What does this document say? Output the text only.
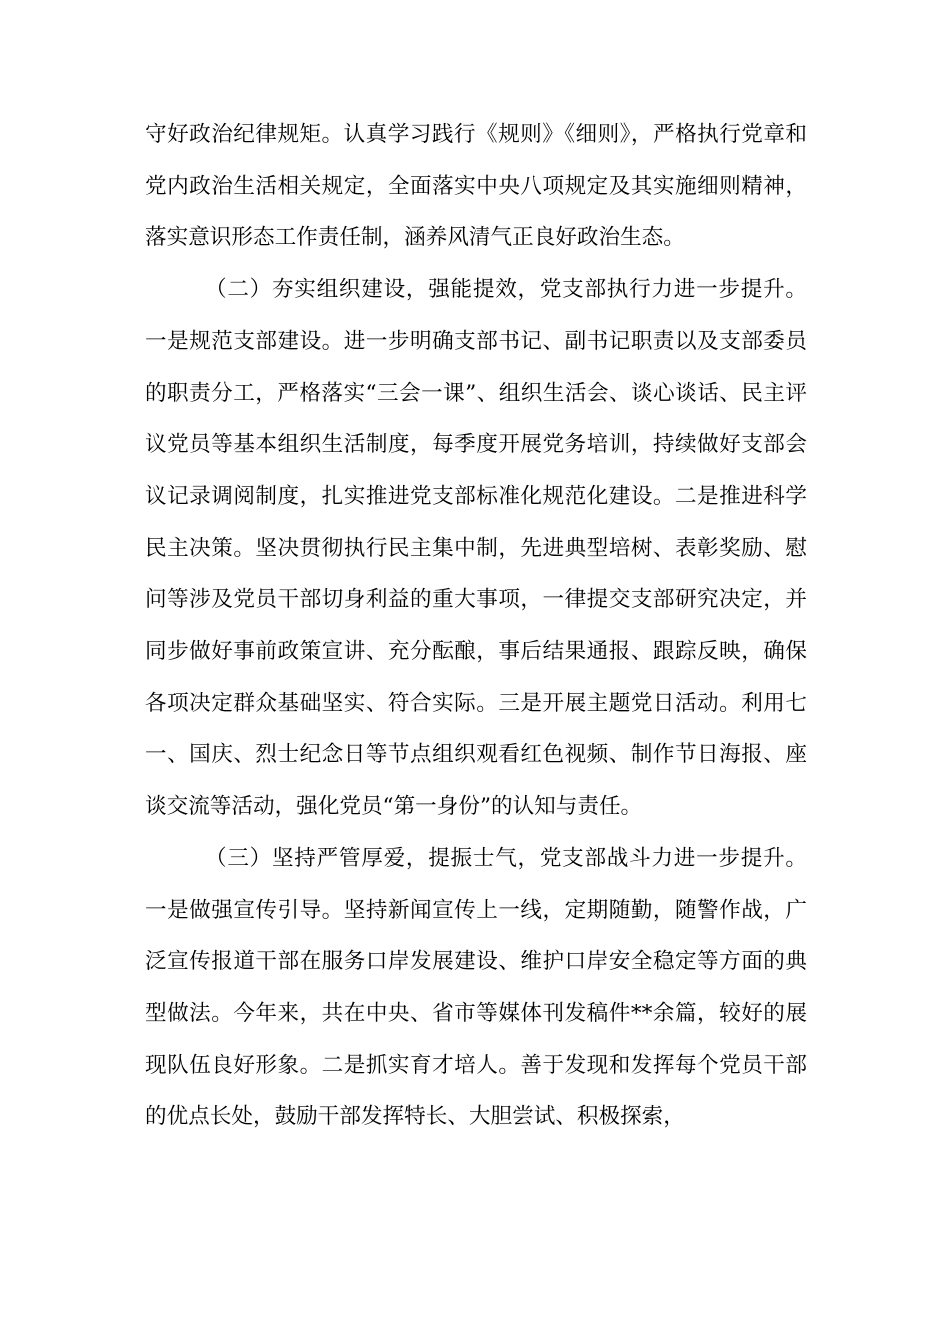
守好政治纪律规矩。认真学习践行《规则》《细则》，严格执行党章和党内政治生活相关规定，全面落实中央八项规定及其实施细则精神，落实意识形态工作责任制，涵养风清气正良好政治生态。

（二）夯实组织建设，强能提效，党支部执行力进一步提升。一是规范支部建设。进一步明确支部书记、副书记职责以及支部委员的职责分工，严格落实“三会一课”、组织生活会、谈心谈话、民主评议党员等基本组织生活制度，每季度开展党务培训，持续做好支部会议记录调阅制度，扎实推进党支部标准化规范化建设。二是推进科学民主决策。坚决贯彻执行民主集中制，先进典型培树、表彰奖励、慰问等涉及党员干部切身利益的重大事项，一律提交支部研究决定，并同步做好事前政策宣讲、充分酝酿，事后结果通报、跟踪反映，确保各项决定群众基础坚实、符合实际。三是开展主题党日活动。利用七一、国庆、烈士纪念日等节点组织观看红色视频、制作节日海报、座谈交流等活动，强化党员“第一身份”的认知与责任。

（三）坚持严管厚爱，提振士气，党支部战斗力进一步提升。一是做强宣传引导。坚持新闻宣传上一线，定期随勤，随警作战，广泛宣传报道干部在服务口岸发展建设、维护口岸安全稳定等方面的典型做法。今年来，共在中央、省市等媒体刊发稿件**余篇，较好的展现队伍良好形象。二是抓实育才培人。善于发现和发挥每个党员干部的优点长处，鼓励干部发挥特长、大胆尝试、积极探索，
